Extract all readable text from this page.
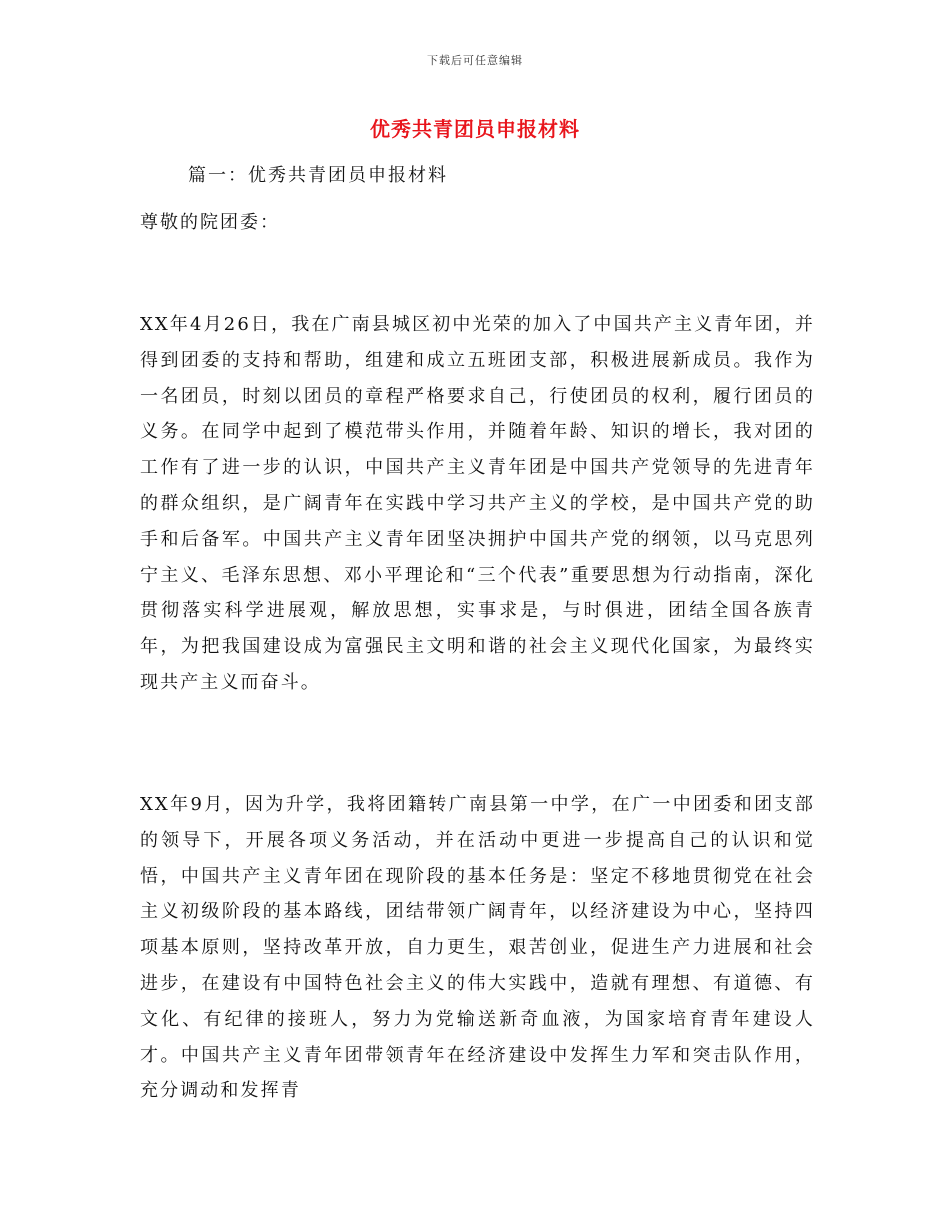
下载后可任意编辑
优秀共青团员申报材料
篇一：优秀共青团员申报材料
尊敬的院团委：

XX年4月26日，我在广南县城区初中光荣的加入了中国共产主义青年团，并得到团委的支持和帮助，组建和成立五班团支部，积极进展新成员。我作为一名团员，时刻以团员的章程严格要求自己，行使团员的权利，履行团员的义务。在同学中起到了模范带头作用，并随着年龄、知识的增长，我对团的工作有了进一步的认识，中国共产主义青年团是中国共产党领导的先进青年的群众组织，是广阔青年在实践中学习共产主义的学校，是中国共产党的助手和后备军。中国共产主义青年团坚决拥护中国共产党的纲领，以马克思列宁主义、毛泽东思想、邓小平理论和“三个代表”重要思想为行动指南，深化贯彻落实科学进展观，解放思想，实事求是，与时俱进，团结全国各族青年，为把我国建设成为富强民主文明和谐的社会主义现代化国家，为最终实现共产主义而奋斗。

XX年9月，因为升学，我将团籍转广南县第一中学，在广一中团委和团支部的领导下，开展各项义务活动，并在活动中更进一步提高自己的认识和觉悟，中国共产主义青年团在现阶段的基本任务是：坚定不移地贯彻党在社会主义初级阶段的基本路线，团结带领广阔青年，以经济建设为中心，坚持四项基本原则，坚持改革开放，自力更生，艰苦创业，促进生产力进展和社会进步，在建设有中国特色社会主义的伟大实践中，造就有理想、有道德、有文化、有纪律的接班人，努力为党输送新奇血液，为国家培育青年建设人才。中国共产主义青年团带领青年在经济建设中发挥生力军和突击队作用，充分调动和发挥青
